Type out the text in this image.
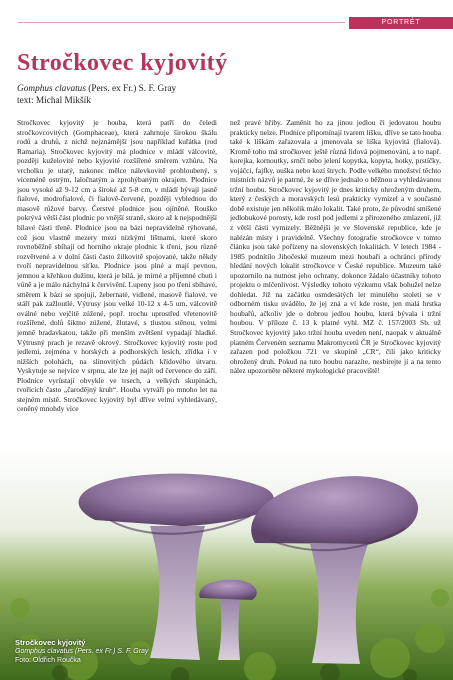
PORTRÉT
Stročkovec kyjovitý
Gomphus clavatus (Pers. ex Fr.) S. F. Gray
text: Michal Mikšík

Stročkovec kyjovitý je houba, která patří do čeledi stročkovcovitých (Gomphaceae), která zahrnuje širokou škálu rodů a druhů, z nichž nejznámější jsou například kuřátka (rod Ramaria). Stročkovec kyjovitý má plodnice v mládí válcovité, později kuželovité nebo kyjovité rozšířené směrem vzhůru. Na vrcholku je utatý, nakonec mělce nálevkovitě prohloubený, s víceméně ostrým, laločnatým a zprohýbaným okrajem. Plodnice jsou vysoké až 9-12 cm a široké až 5-8 cm, v mládí bývají jasně fialové, modrofialové, či fialově-červené, později vyblednou do masově růžové barvy. Čerstvé plodnice jsou ojíněné. Rouško pokrývá větší část plodnic po vnější straně, skoro až k nejspodnější bílavé části třeně. Plodnice jsou na bázi nepravidelně rýhované, což jsou vlastně mezery mezi nízkými lištnami, které skoro rovnoběžně sbíhají od horního okraje plodnic k třeni, jsou různě rozvětvené a v dolní části často žilkovitě spojované, takže někdy tvoří nepravidelnou síťku. Plodnice jsou plné a mají pevnou, jemnou a křehkou dužinu, která je bílá, je mírné a příjemné chuti i vůně a je málo náchylná k červivění. Lupeny jsou po třeni sbíhavé, směrem k bázi se spojují, žebernaté, vidlené, masově fialové, ve stáří pak zažloutlé. Výtrusy jsou velké 10-12 x 4-5 um, válcovitě oválné nebo vejčitě zúžené, popř. trochu uprostřed vřetenovitě rozšířené, dolů šikmo zúžené, žlutavé, s tlustou stěnou, velmi jemně bradavkatou, takže při menším zvětšení vypadají hladké. Výtrusný prach je rezavě okrový. Stročkovec kyjovitý roste pod jedlemi, zejména v horských a podhorských lesích, zřídka i v nižších polohách, na slinovitých půdách křídového útvaru. Vyskytuje se nejvíce v srpnu, ale lze jej najít od července do září. Plodnice vyrůstají obvykle ve trsech, a velkých skupinách, tvořících často „čarodějný kruh“. Houba vytváří po mnoho let na stejném místě. Stročkovec kyjovitý byl dříve velmi vyhledávaný, ceněný mnohdy více

než pravé hřiby. Zaměnit ho za jinou jedlou či jedovatou houbu prakticky nelze. Plodnice připomínají tvarem lišku, dříve se tato houba také k liškám zařazovala a jmenovala se liška kyjovitá (fialová). Kromě toho má stročkovec ještě různá lidová pojmenování, a to např. korejka, kornoutky, srnčí nebo jelení kopytka, kopyta, hotky, prstíčky, vojáčci, fajfky, ouška nebo kozí štrych. Podle velkého množství těchto místních názvů je patrné, že se dříve jednalo o běžnou a vyhledávanou tržní houbu. Stročkovec kyjovitý je dnes kriticky ohroženým druhem, který z českých a moravských lesů prakticky vymizel a v současné době existuje jen několik málo lokalit. Také proto, že původní smíšené jedlobukové porosty, kde rostl pod jedlemi z přirozeného zmlazení, již z větší části vymizely. Běžnější je ve Slovenské republice, kde je nalézán místy i pravidelně. Všechny fotografie stročkovce v tomto článku jsou také pořízeny na slovenských lokalitách. V letech 1984 - 1985 podnítilo Jihočeské muzeum mezi houbaři a ochránci přírody hledání nových lokalit stročkovce v České republice. Muzeum také upozornilo na nutnost jeho ochrany, dokonce žádalo účastníky tohoto projektu o mlčenlivost. Výsledky tohoto výzkumu však bohužel nelze dohledat. Již na začátku osmdesátých let minulého století se v odborném tisku uvádělo, že jej zná a ví kde roste, jen malá hrstka houbařů, ačkoliv jde o dobrou jedlou houbu, která bývala i tržní houbou. V příloze č. 13 k platné vyhl. MZ č. 157/2003 Sb. už Stročkovec kyjovitý jako tržní houba uveden není, naopak v aktuálně platném Červeném seznamu Makromycetů ČR je Stročkovec kyjovitý zařazen pod položkou 721 ve skupině „CR“, čili jako kriticky ohrožený druh. Pokud na tuto houbu narazíte, nesbírejte jí a na tento nález upozorněte některé mykologické pracoviště!

Stročkovec kyjovitý
Gomphus clavatus (Pers. ex Fr.) S. F. Gray
Foto: Oldřich Roučka
